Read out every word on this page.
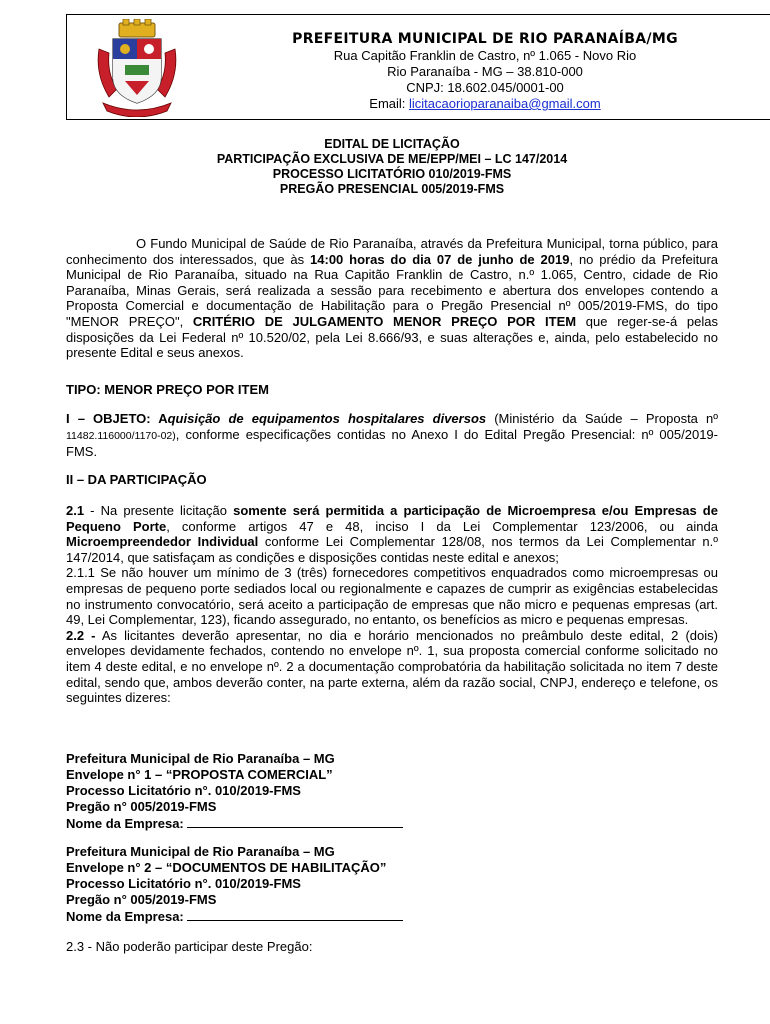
PREFEITURA MUNICIPAL DE RIO PARANAÍBA/MG
Rua Capitão Franklin de Castro, nº 1.065 - Novo Rio
Rio Paranaíba - MG – 38.810-000
CNPJ: 18.602.045/0001-00
Email: licitacaorioparanaiba@gmail.com
EDITAL DE LICITAÇÃO
PARTICIPAÇÃO EXCLUSIVA DE ME/EPP/MEI – LC 147/2014
PROCESSO LICITATÓRIO 010/2019-FMS
PREGÃO PRESENCIAL 005/2019-FMS

O Fundo Municipal de Saúde de Rio Paranaíba, através da Prefeitura Municipal, torna público, para conhecimento dos interessados, que às 14:00 horas do dia 07 de junho de 2019, no prédio da Prefeitura Municipal de Rio Paranaíba, situado na Rua Capitão Franklin de Castro, n.º 1.065, Centro, cidade de Rio Paranaíba, Minas Gerais, será realizada a sessão para recebimento e abertura dos envelopes contendo a Proposta Comercial e documentação de Habilitação para o Pregão Presencial nº 005/2019-FMS, do tipo "MENOR PREÇO", CRITÉRIO DE JULGAMENTO MENOR PREÇO POR ITEM que reger-se-á pelas disposições da Lei Federal nº 10.520/02, pela Lei 8.666/93, e suas alterações e, ainda, pelo estabelecido no presente Edital e seus anexos.

TIPO: MENOR PREÇO POR ITEM

I – OBJETO: Aquisição de equipamentos hospitalares diversos (Ministério da Saúde – Proposta nº 11482.116000/1170-02), conforme especificações contidas no Anexo I do Edital Pregão Presencial: nº 005/2019-FMS.

II – DA PARTICIPAÇÃO

2.1 - Na presente licitação somente será permitida a participação de Microempresa e/ou Empresas de Pequeno Porte, conforme artigos 47 e 48, inciso I da Lei Complementar 123/2006, ou ainda Microempreendedor Individual conforme Lei Complementar 128/08, nos termos da Lei Complementar n.º 147/2014, que satisfaçam as condições e disposições contidas neste edital e anexos;

2.1.1 Se não houver um mínimo de 3 (três) fornecedores competitivos enquadrados como microempresas ou empresas de pequeno porte sediados local ou regionalmente e capazes de cumprir as exigências estabelecidas no instrumento convocatório, será aceito a participação de empresas que não micro e pequenas empresas (art. 49, Lei Complementar, 123), ficando assegurado, no entanto, os benefícios as micro e pequenas empresas.

2.2 - As licitantes deverão apresentar, no dia e horário mencionados no preâmbulo deste edital, 2 (dois) envelopes devidamente fechados, contendo no envelope nº. 1, sua proposta comercial conforme solicitado no item 4 deste edital, e no envelope nº. 2 a documentação comprobatória da habilitação solicitada no item 7 deste edital, sendo que, ambos deverão conter, na parte externa, além da razão social, CNPJ, endereço e telefone, os seguintes dizeres:

Prefeitura Municipal de Rio Paranaíba – MG
Envelope n° 1 – “PROPOSTA COMERCIAL”
Processo Licitatório n°. 010/2019-FMS
Pregão n° 005/2019-FMS
Nome da Empresa:
Prefeitura Municipal de Rio Paranaíba – MG
Envelope n° 2 – “DOCUMENTOS DE HABILITAÇÃO”
Processo Licitatório n°. 010/2019-FMS
Pregão n° 005/2019-FMS
Nome da Empresa:
2.3 - Não poderão participar deste Pregão:
